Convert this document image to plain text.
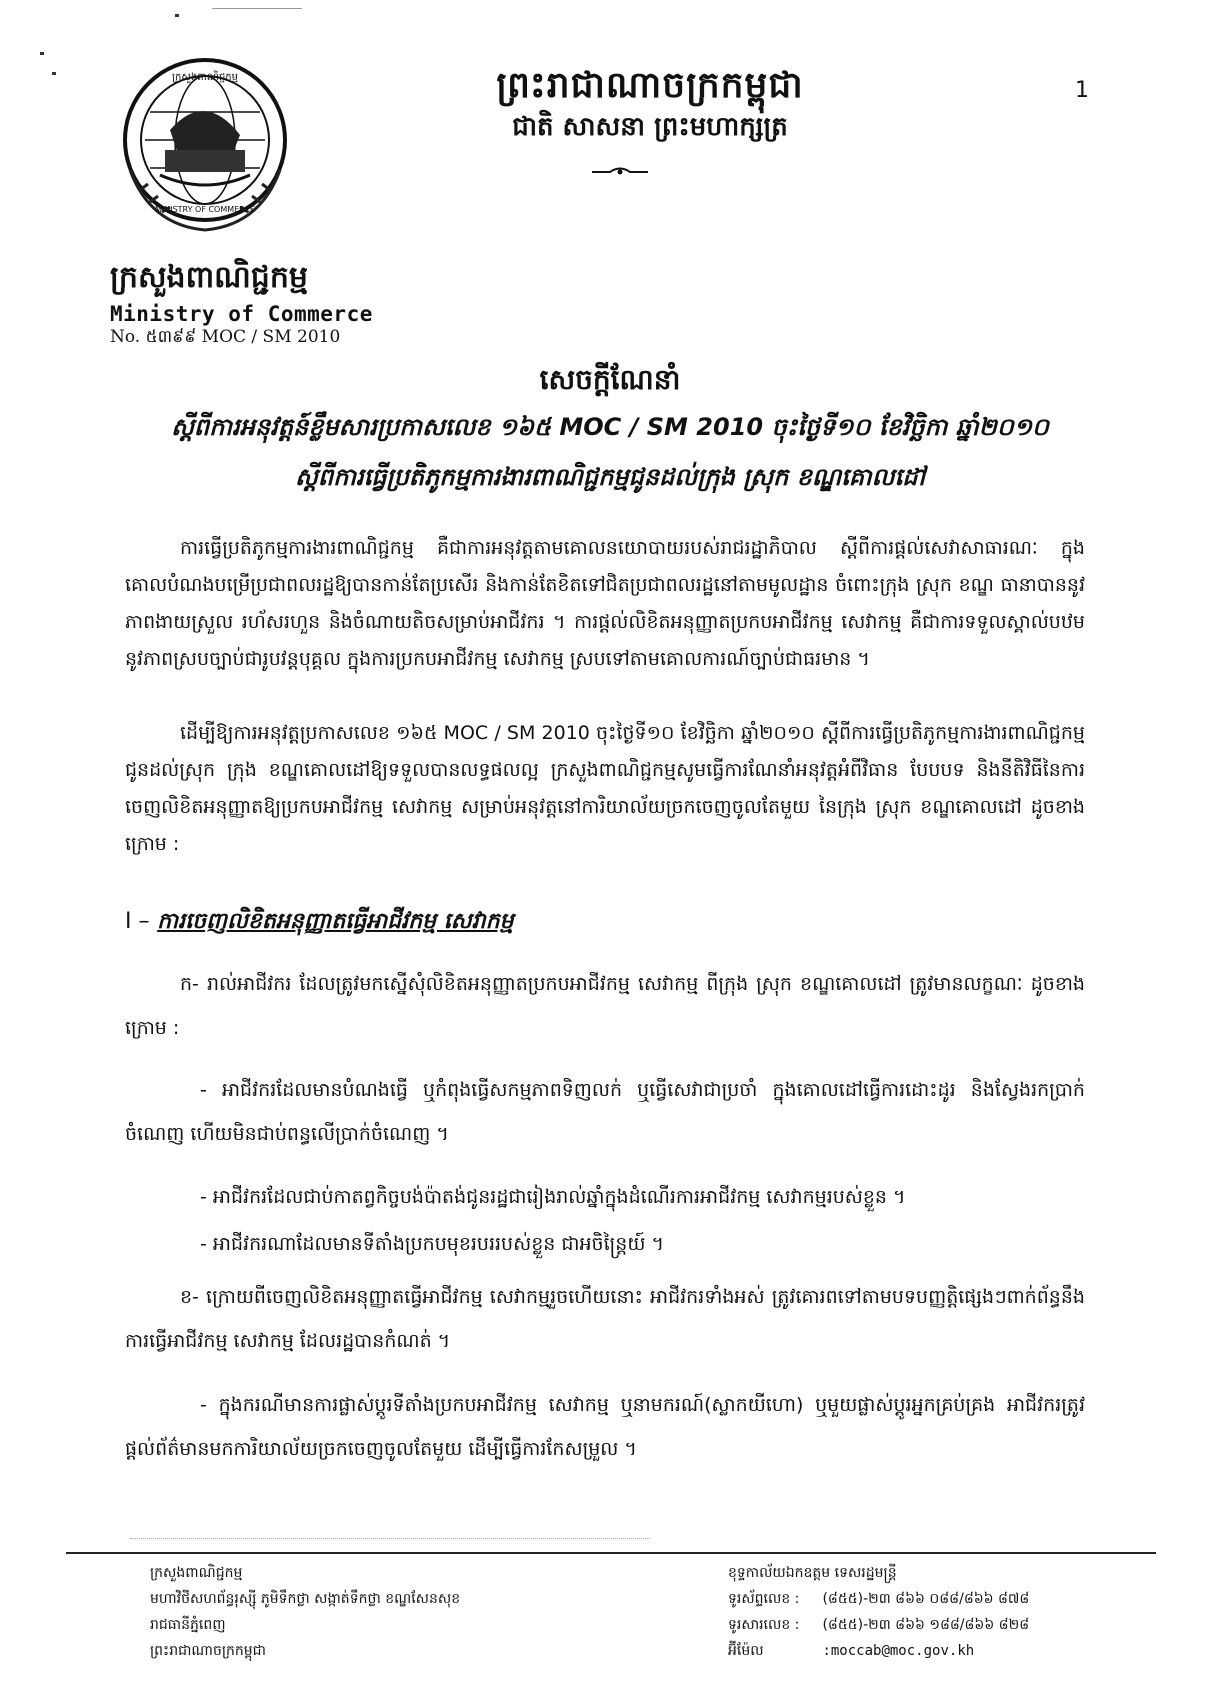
ក្រសួងពាណិជ្ជកម្ម
MINISTRY OF COMMERCE
ព្រះរាជាណាចក្រកម្ពុជា
ជាតិ សាសនា ព្រះមហាក្សត្រ
1
ក្រសួងពាណិជ្ជកម្ម
Ministry of Commerce
No. ៥៣៩៩ MOC / SM 2010
សេចក្តីណែនាំ
ស្តីពីការអនុវត្តន៍ខ្លឹមសារប្រកាសលេខ ១៦៥ MOC / SM 2010 ចុះថ្ងៃទី១០ ខែវិច្ឆិកា ឆ្នាំ២០១០
ស្តីពីការធ្វើប្រតិភូកម្មការងារពាណិជ្ជកម្មជូនដល់ក្រុង ស្រុក ខណ្ឌគោលដៅ
ការធ្វើប្រតិភូកម្មការងារពាណិជ្ជកម្ម គឺជាការអនុវត្តតាមគោលនយោបាយរបស់រាជរដ្ឋាភិបាល ស្តីពីការផ្តល់សេវាសាធារណៈ ក្នុងគោលបំណងបម្រើប្រជាពលរដ្ឋឱ្យបានកាន់តែប្រសើរ និងកាន់តែខិតទៅជិតប្រជាពលរដ្ឋនៅតាមមូលដ្ឋាន ចំពោះក្រុង ស្រុក ខណ្ឌ ធានាបាននូវភាពងាយស្រួល រហ័សរហួន និងចំណាយតិចសម្រាប់អាជីវករ ។ ការផ្តល់លិខិតអនុញ្ញាតប្រកបអាជីវកម្ម សេវាកម្ម គឺជាការទទួលស្គាល់បឋមនូវភាពស្របច្បាប់ជារូបវន្តបុគ្គល ក្នុងការប្រកបអាជីវកម្ម សេវាកម្ម ស្របទៅតាមគោលការណ៍ច្បាប់ជាធរមាន ។
ដើម្បីឱ្យការអនុវត្តប្រកាសលេខ ១៦៥ MOC / SM 2010 ចុះថ្ងៃទី១០ ខែវិច្ឆិកា ឆ្នាំ២០១០ ស្តីពីការធ្វើប្រតិភូកម្មការងារពាណិជ្ជកម្ម ជូនដល់ស្រុក ក្រុង ខណ្ឌគោលដៅឱ្យទទួលបានលទ្ធផលល្អ ក្រសួងពាណិជ្ជកម្មសូមធ្វើការណែនាំអនុវត្តអំពីវិធាន បែបបទ និងនីតិវិធីនៃការចេញលិខិតអនុញ្ញាតឱ្យប្រកបអាជីវកម្ម សេវាកម្ម សម្រាប់អនុវត្តនៅការិយាល័យច្រកចេញចូលតែមួយ នៃក្រុង ស្រុក ខណ្ឌគោលដៅ ដូចខាងក្រោម :
I – ការចេញលិខិតអនុញ្ញាតធ្វើអាជីវកម្ម សេវាកម្ម
ក- រាល់អាជីវករ ដែលត្រូវមកស្នើសុំលិខិតអនុញ្ញាតប្រកបអាជីវកម្ម សេវាកម្ម ពីក្រុង ស្រុក ខណ្ឌគោលដៅ ត្រូវមានលក្ខណៈ ដូចខាងក្រោម :
- អាជីវករដែលមានបំណងធ្វើ ឬកំពុងធ្វើសកម្មភាពទិញលក់ ឬធ្វើសេវាជាប្រចាំ ក្នុងគោលដៅធ្វើការដោះដូរ និងស្វែងរកប្រាក់ចំណេញ ហើយមិនជាប់ពន្ធលើប្រាក់ចំណេញ ។
- អាជីវករដែលជាប់កាតព្វកិច្ចបង់ប៉ាតង់ជូនរដ្ឋជារៀងរាល់ឆ្នាំក្នុងដំណើរការអាជីវកម្ម សេវាកម្មរបស់ខ្លួន ។
- អាជីវករណាដែលមានទីតាំងប្រកបមុខរបររបស់ខ្លួន ជាអចិន្ត្រៃយ៍ ។
ខ- ក្រោយពីចេញលិខិតអនុញ្ញាតធ្វើអាជីវកម្ម សេវាកម្មរួចហើយនោះ អាជីវករទាំងអស់ ត្រូវគោរពទៅតាមបទបញ្ញត្តិផ្សេងៗពាក់ព័ន្ធនឹងការធ្វើអាជីវកម្ម សេវាកម្ម ដែលរដ្ឋបានកំណត់ ។
- ក្នុងករណីមានការផ្លាស់ប្តូរទីតាំងប្រកបអាជីវកម្ម សេវាកម្ម ឬនាមករណ៍(ស្លាកយីហោ) ឬមួយផ្លាស់ប្តូរអ្នកគ្រប់គ្រង អាជីវករត្រូវផ្តល់ព័ត៌មានមកការិយាល័យច្រកចេញចូលតែមួយ ដើម្បីធ្វើការកែសម្រួល ។
ក្រសួងពាណិជ្ជកម្ម
មហាវិថីសហព័ន្ធរុស្ស៊ី ភូមិទឹកថ្លា សង្កាត់ទឹកថ្លា ខណ្ឌសែនសុខ
រាជធានីភ្នំពេញ
ព្រះរាជាណាចក្រកម្ពុជា
ខុទ្ទកាល័យឯកឧត្តម ទេសរដ្ឋមន្ត្រី
ទូរស័ព្ទលេខ : (៨៥៥)-២៣ ៨៦៦ ០៨៨/៨៦៦ ៨៧៨
ទូរសារលេខ : (៨៥៥)-២៣ ៨៦៦ ១៨៨/៨៦៦ ៨២៨
អ៊ីម៉ែល	:moccab@moc.gov.kh
